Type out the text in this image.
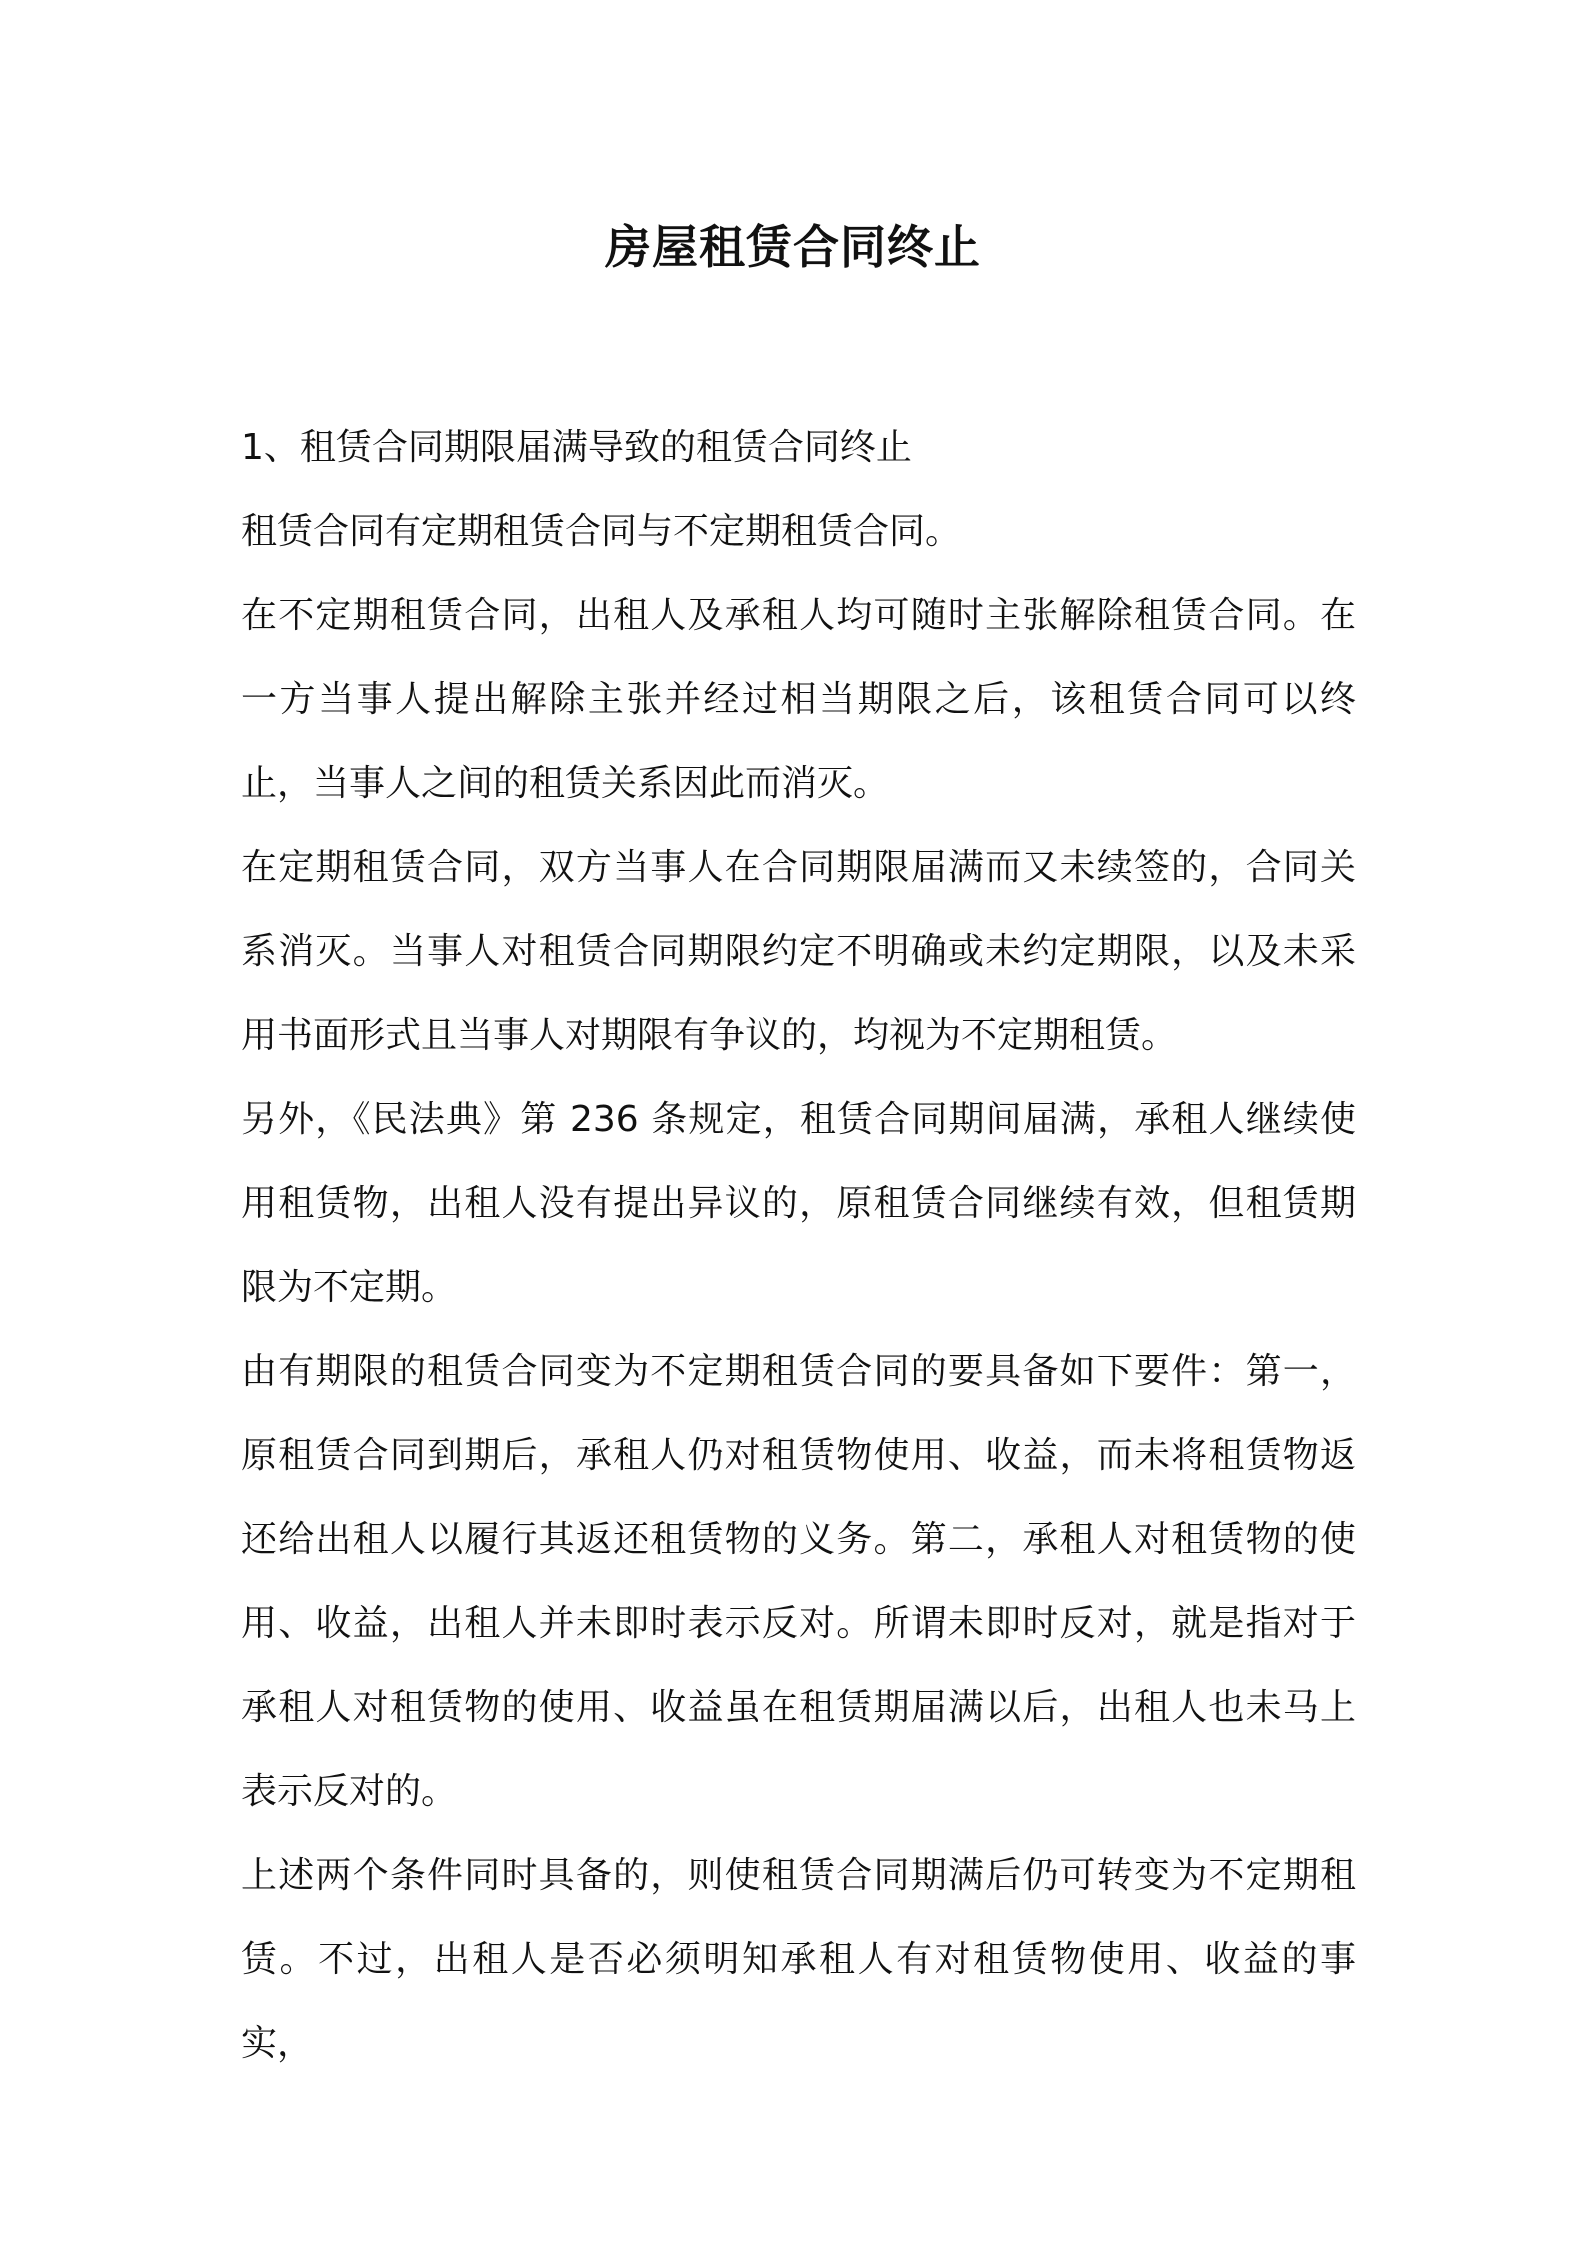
房屋租赁合同终止

1、租赁合同期限届满导致的租赁合同终止

租赁合同有定期租赁合同与不定期租赁合同。

在不定期租赁合同，出租人及承租人均可随时主张解除租赁合同。在一方当事人提出解除主张并经过相当期限之后，该租赁合同可以终止，当事人之间的租赁关系因此而消灭。

在定期租赁合同，双方当事人在合同期限届满而又未续签的，合同关系消灭。当事人对租赁合同期限约定不明确或未约定期限，以及未采用书面形式且当事人对期限有争议的，均视为不定期租赁。

另外，《民法典》第 236 条规定，租赁合同期间届满，承租人继续使用租赁物，出租人没有提出异议的，原租赁合同继续有效，但租赁期限为不定期。

由有期限的租赁合同变为不定期租赁合同的要具备如下要件：第一，原租赁合同到期后，承租人仍对租赁物使用、收益，而未将租赁物返还给出租人以履行其返还租赁物的义务。第二，承租人对租赁物的使用、收益，出租人并未即时表示反对。所谓未即时反对，就是指对于承租人对租赁物的使用、收益虽在租赁期届满以后，出租人也未马上表示反对的。

上述两个条件同时具备的，则使租赁合同期满后仍可转变为不定期租赁。不过，出租人是否必须明知承租人有对租赁物使用、收益的事实，
